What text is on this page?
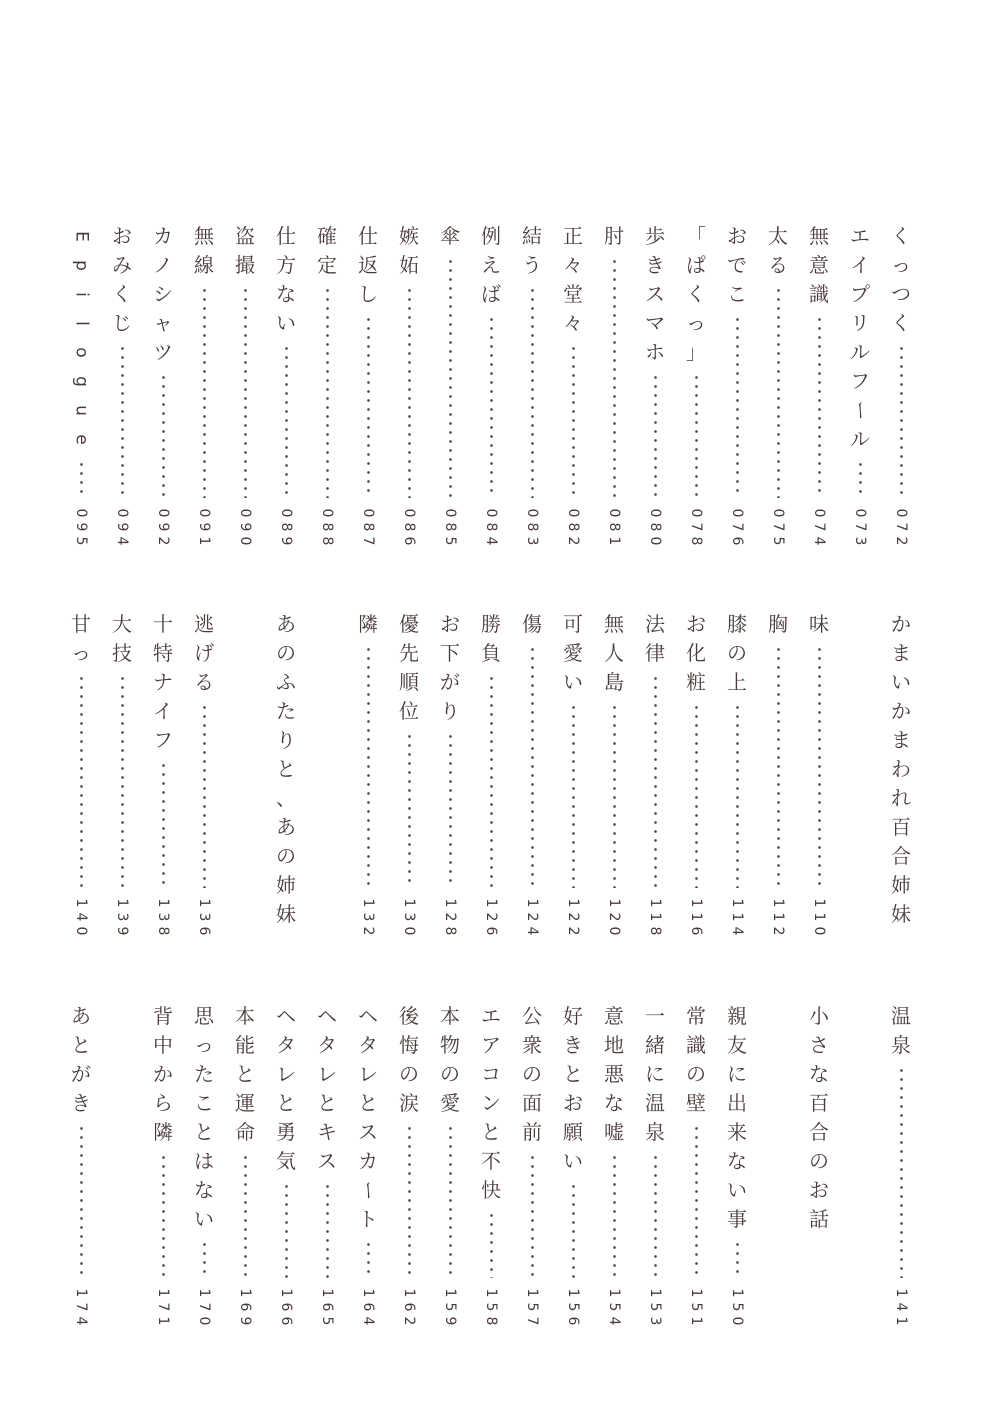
く
っ
つ
く
0
7
2
エ
イ
プ
リ
ル
フ
ー
ル
0
7
3
無
意
識
0
7
4
太
る
0
7
5
お
で
こ
0
7
6
「
ぱ
く
っ
」
0
7
8
歩
き
ス
マ
ホ
0
8
0
肘
0
8
1
正
々
堂
々
0
8
2
結
う
0
8
3
例
え
ば
0
8
4
傘
0
8
5
嫉
妬
0
8
6
仕
返
し
0
8
7
確
定
0
8
8
仕
方
な
い
0
8
9
盗
撮
0
9
0
無
線
0
9
1
カ
ノ
シ
ャ
ツ
0
9
2
お
み
く
じ
0
9
4
E
p
i
l
o
g
u
e
0
9
5
か
ま
い
か
ま
わ
れ
百
合
姉
妹
味
1
1
0
胸
1
1
2
膝
の
上
1
1
4
お
化
粧
1
1
6
法
律
1
1
8
無
人
島
1
2
0
可
愛
い
1
2
2
傷
1
2
4
勝
負
1
2
6
お
下
が
り
1
2
8
優
先
順
位
1
3
0
隣
1
3
2
あ
の
ふ
た
り
と
、
あ
の
姉
妹
逃
げ
る
1
3
6
十
特
ナ
イ
フ
1
3
8
大
技
1
3
9
甘
っ
1
4
0
温
泉
1
4
1
小
さ
な
百
合
の
お
話
親
友
に
出
来
な
い
事
1
5
0
常
識
の
壁
1
5
1
一
緒
に
温
泉
1
5
3
意
地
悪
な
嘘
1
5
4
好
き
と
お
願
い
1
5
6
公
衆
の
面
前
1
5
7
エ
ア
コ
ン
と
不
快
1
5
8
本
物
の
愛
1
5
9
後
悔
の
涙
1
6
2
ヘ
タ
レ
と
ス
カ
ー
ト
1
6
4
ヘ
タ
レ
と
キ
ス
1
6
5
ヘ
タ
レ
と
勇
気
1
6
6
本
能
と
運
命
1
6
9
思
っ
た
こ
と
は
な
い
1
7
0
背
中
か
ら
隣
1
7
1
あ
と
が
き
1
7
4
